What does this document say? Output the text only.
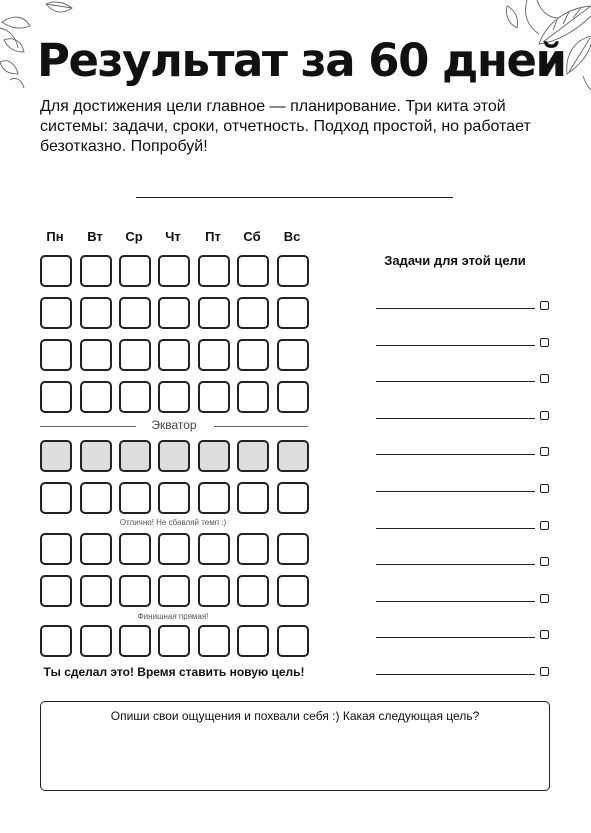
Результат за 60 дней
Для достижения цели главное — планирование. Три кита этой системы: задачи, сроки, отчетность. Подход простой, но работает безотказно. Попробуй!
Пн	Вт	Ср	Чт	Пт	Сб	Вс
Экватор
Отлично! Не сбавляй темп :)
Финишная прямая!
Ты сделал это! Время ставить новую цель!
Задачи для этой цели
Опиши свои ощущения и похвали себя :) Какая следующая цель?
